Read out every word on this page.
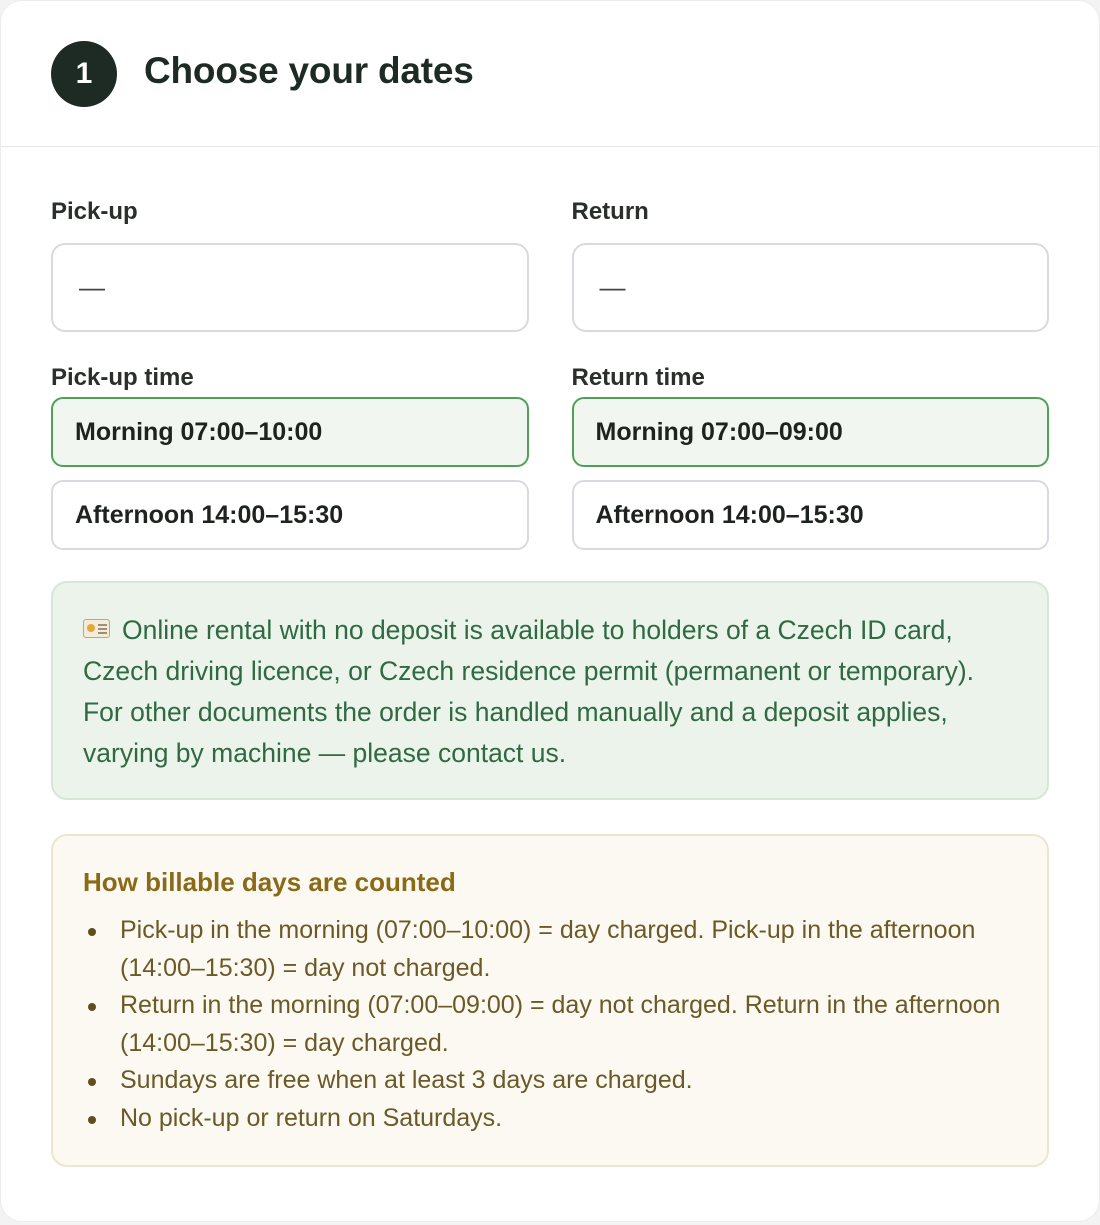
1	Choose your dates
Pick-up
—
Return
—
Pick-up time
Morning 07:00–10:00
Afternoon 14:00–15:30
Return time
Morning 07:00–09:00
Afternoon 14:00–15:30
Online rental with no deposit is available to holders of a Czech ID card, Czech driving licence, or Czech residence permit (permanent or temporary). For other documents the order is handled manually and a deposit applies, varying by machine — please contact us.
How billable days are counted
Pick-up in the morning (07:00–10:00) = day charged. Pick-up in the afternoon (14:00–15:30) = day not charged.
Return in the morning (07:00–09:00) = day not charged. Return in the afternoon (14:00–15:30) = day charged.
Sundays are free when at least 3 days are charged.
No pick-up or return on Saturdays.
